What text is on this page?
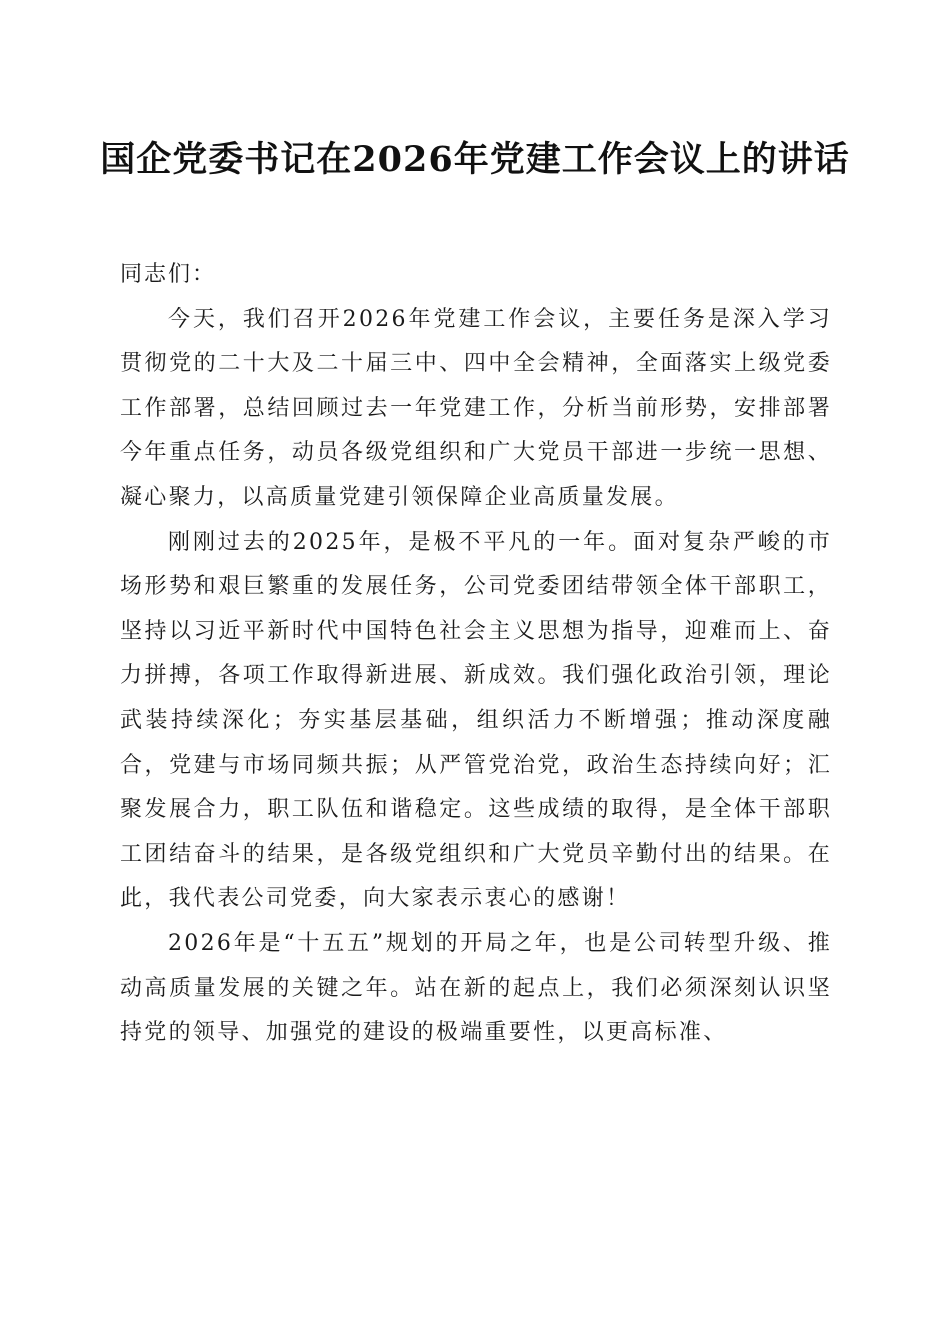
国企党委书记在2026年党建工作会议上的讲话

同志们：

今天，我们召开2026年党建工作会议，主要任务是深入学习贯彻党的二十大及二十届三中、四中全会精神，全面落实上级党委工作部署，总结回顾过去一年党建工作，分析当前形势，安排部署今年重点任务，动员各级党组织和广大党员干部进一步统一思想、凝心聚力，以高质量党建引领保障企业高质量发展。

刚刚过去的2025年，是极不平凡的一年。面对复杂严峻的市场形势和艰巨繁重的发展任务，公司党委团结带领全体干部职工，坚持以习近平新时代中国特色社会主义思想为指导，迎难而上、奋力拼搏，各项工作取得新进展、新成效。我们强化政治引领，理论武装持续深化；夯实基层基础，组织活力不断增强；推动深度融合，党建与市场同频共振；从严管党治党，政治生态持续向好；汇聚发展合力，职工队伍和谐稳定。这些成绩的取得，是全体干部职工团结奋斗的结果，是各级党组织和广大党员辛勤付出的结果。在此，我代表公司党委，向大家表示衷心的感谢！

2026年是“十五五”规划的开局之年，也是公司转型升级、推动高质量发展的关键之年。站在新的起点上，我们必须深刻认识坚持党的领导、加强党的建设的极端重要性，以更高标准、
